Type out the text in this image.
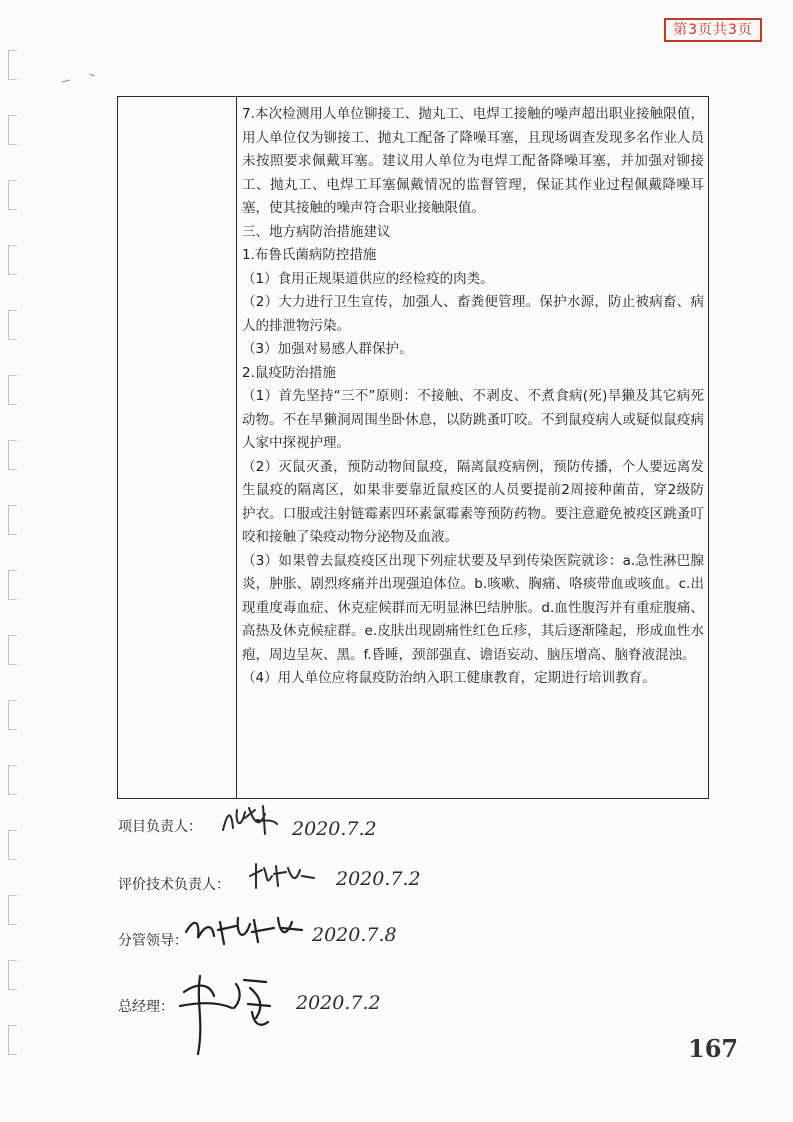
第3页共3页

7.本次检测用人单位铆接工、抛丸工、电焊工接触的噪声超出职业接触限值，用人单位仅为铆接工、抛丸工配备了降噪耳塞，且现场调查发现多名作业人员未按照要求佩戴耳塞。建议用人单位为电焊工配备降噪耳塞，并加强对铆接工、抛丸工、电焊工耳塞佩戴情况的监督管理，保证其作业过程佩戴降噪耳塞，使其接触的噪声符合职业接触限值。

三、地方病防治措施建议

1.布鲁氏菌病防控措施

（1）食用正规渠道供应的经检疫的肉类。

（2）大力进行卫生宣传，加强人、畜粪便管理。保护水源，防止被病畜、病人的排泄物污染。

（3）加强对易感人群保护。

2.鼠疫防治措施

（1）首先坚持“三不”原则：不接触、不剥皮、不煮食病(死)旱獭及其它病死动物。不在旱獭洞周围坐卧休息，以防跳蚤叮咬。不到鼠疫病人或疑似鼠疫病人家中探视护理。

（2）灭鼠灭蚤，预防动物间鼠疫，隔离鼠疫病例，预防传播，个人要远离发生鼠疫的隔离区，如果非要靠近鼠疫区的人员要提前2周接种菌苗，穿2级防护衣。口服或注射链霉素四环素氯霉素等预防药物。要注意避免被疫区跳蚤叮咬和接触了染疫动物分泌物及血液。

（3）如果曾去鼠疫疫区出现下列症状要及早到传染医院就诊：a.急性淋巴腺炎，肿胀、剧烈疼痛并出现强迫体位。b.咳嗽、胸痛、咯痰带血或咳血。c.出现重度毒血症、休克症候群而无明显淋巴结肿胀。d.血性腹泻并有重症腹痛、高热及休克候症群。e.皮肤出现剧痛性红色丘疹，其后逐渐隆起，形成血性水疱，周边呈灰、黑。f.昏睡，颈部强直、谵语妄动、脑压增高、脑脊液混浊。

（4）用人单位应将鼠疫防治纳入职工健康教育，定期进行培训教育。

项目负责人：	2020.7.2
评价技术负责人：	2020.7.2
分管领导：	2020.7.8
总经理：	2020.7.2
167
